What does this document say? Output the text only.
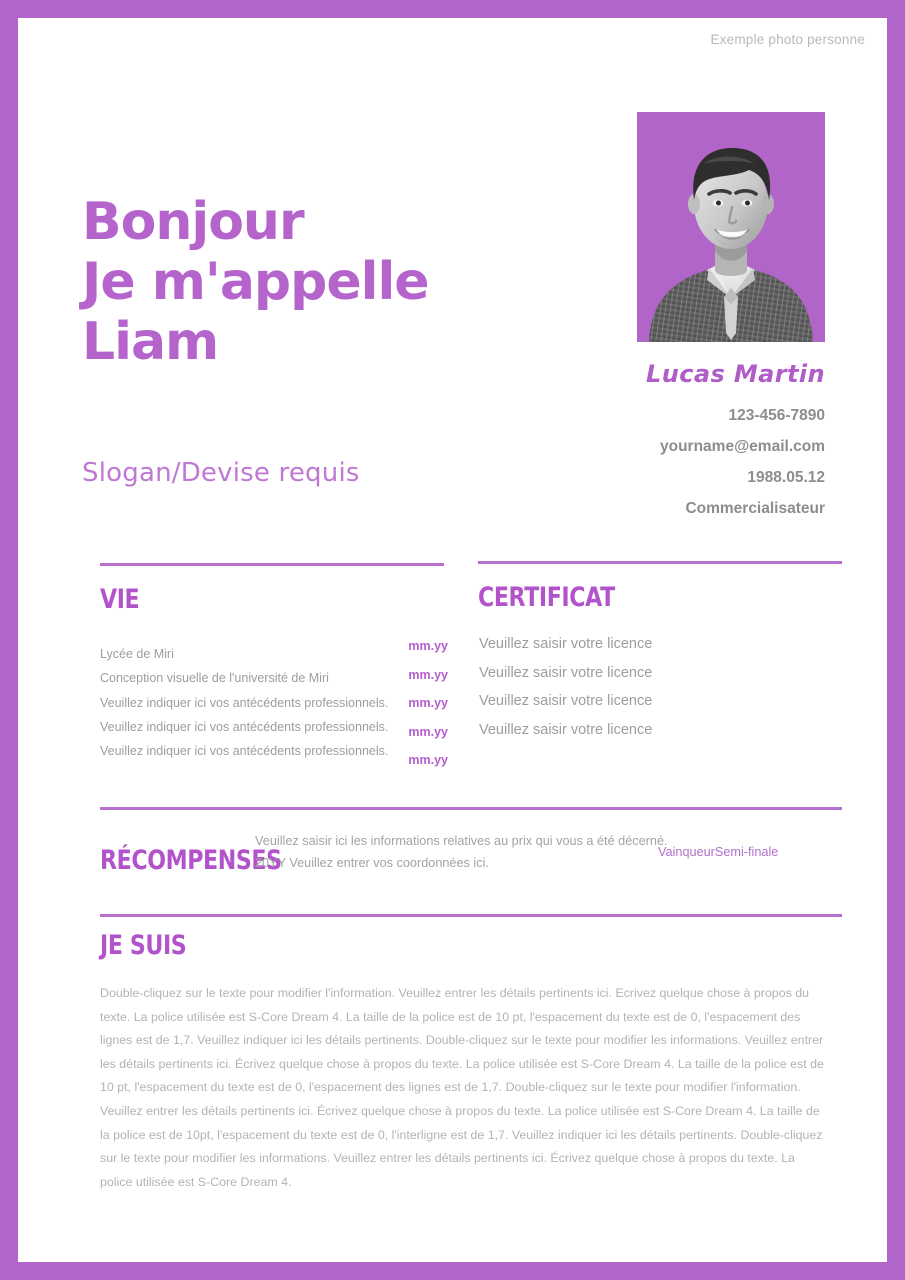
Exemple photo personne
Bonjour
Je m'appelle
Liam
Slogan/Devise requis
Lucas Martin
123-456-7890
yourname@email.com
1988.05.12
Commercialisateur
VIE
Lycée de Miri
Conception visuelle de l'université de Miri
Veuillez indiquer ici vos antécédents professionnels.
Veuillez indiquer ici vos antécédents professionnels.
Veuillez indiquer ici vos antécédents professionnels.
mm.yy
mm.yy
mm.yy
mm.yy
mm.yy
CERTIFICAT
Veuillez saisir votre licence
Veuillez saisir votre licence
Veuillez saisir votre licence
Veuillez saisir votre licence
RÉCOMPENSES
Veuillez saisir ici les informations relatives au prix qui vous a été décerné.
20YY Veuillez entrer vos coordonnées ici.
VainqueurSemi-finale
JE SUIS
Double-cliquez sur le texte pour modifier l'information. Veuillez entrer les détails pertinents ici. Ecrivez quelque chose à propos du texte. La police utilisée est S-Core Dream 4. La taille de la police est de 10 pt, l'espacement du texte est de 0, l'espacement des lignes est de 1,7. Veuillez indiquer ici les détails pertinents. Double-cliquez sur le texte pour modifier les informations. Veuillez entrer les détails pertinents ici. Écrivez quelque chose à propos du texte. La police utilisée est S-Core Dream 4. La taille de la police est de 10 pt, l'espacement du texte est de 0, l'espacement des lignes est de 1,7. Double-cliquez sur le texte pour modifier l'information. Veuillez entrer les détails pertinents ici. Écrivez quelque chose à propos du texte. La police utilisée est S-Core Dream 4. La taille de la police est de 10pt, l'espacement du texte est de 0, l'interligne est de 1,7. Veuillez indiquer ici les détails pertinents. Double-cliquez sur le texte pour modifier les informations. Veuillez entrer les détails pertinents ici. Écrivez quelque chose à propos du texte. La police utilisée est S-Core Dream 4.
